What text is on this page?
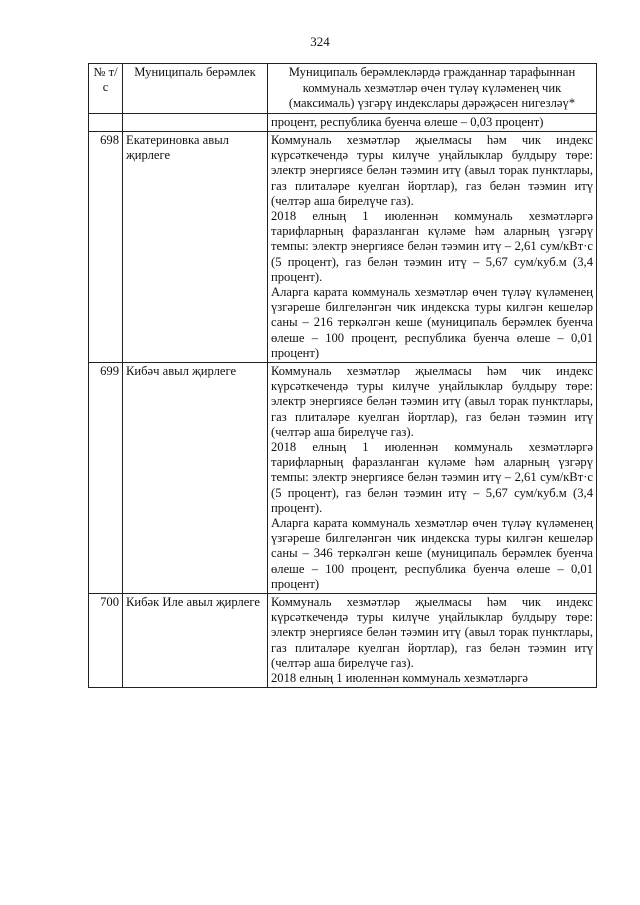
324
№ т/с	Муниципаль берәмлек	Муниципаль берәмлекләрдә гражданнар тарафыннан коммуналь хезмәтләр өчен түләү күләменең чик (максималь) үзгәрү индекслары дәрәҗәсен нигезләү*

		процент, республика буенча өлеше – 0,03 процент)

698	Екатериновка авыл җирлеге	Коммуналь хезмәтләр җыелмасы һәм чик индекс күрсәткечендә туры килүче уңайлыклар булдыру төре: электр энергиясе белән тәэмин итү (авыл торак пунктлары, газ плиталәре куелган йортлар), газ белән тәэмин итү (челтәр аша бирелүче газ).

2018 елның 1 июленнән коммуналь хезмәтләргә тарифларның фаразланган күләме һәм аларның үзгәрү темпы: электр энергиясе белән тәэмин итү – 2,61 сум/кВт·с (5 процент), газ белән тәэмин итү – 5,67 сум/куб.м (3,4 процент).

Аларга карата коммуналь хезмәтләр өчен түләү күләменең үзгәреше билгеләнгән чик индекска туры килгән кешеләр саны – 216 теркәлгән кеше (муниципаль берәмлек буенча өлеше – 100 процент, республика буенча өлеше – 0,01 процент)

699	Кибәч авыл җирлеге	Коммуналь хезмәтләр җыелмасы һәм чик индекс күрсәткечендә туры килүче уңайлыклар булдыру төре: электр энергиясе белән тәэмин итү (авыл торак пунктлары, газ плиталәре куелган йортлар), газ белән тәэмин итү (челтәр аша бирелүче газ).

2018 елның 1 июленнән коммуналь хезмәтләргә тарифларның фаразланган күләме һәм аларның үзгәрү темпы: электр энергиясе белән тәэмин итү – 2,61 сум/кВт·с (5 процент), газ белән тәэмин итү – 5,67 сум/куб.м (3,4 процент).

Аларга карата коммуналь хезмәтләр өчен түләү күләменең үзгәреше билгеләнгән чик индекска туры килгән кешеләр саны – 346 теркәлгән кеше (муниципаль берәмлек буенча өлеше – 100 процент, республика буенча өлеше – 0,01 процент)

700	Кибәк Иле авыл җирлеге	Коммуналь хезмәтләр җыелмасы һәм чик индекс күрсәткечендә туры килүче уңайлыклар булдыру төре: электр энергиясе белән тәэмин итү (авыл торак пунктлары, газ плиталәре куелган йортлар), газ белән тәэмин итү (челтәр аша бирелүче газ).

2018 елның 1 июленнән коммуналь хезмәтләргә
